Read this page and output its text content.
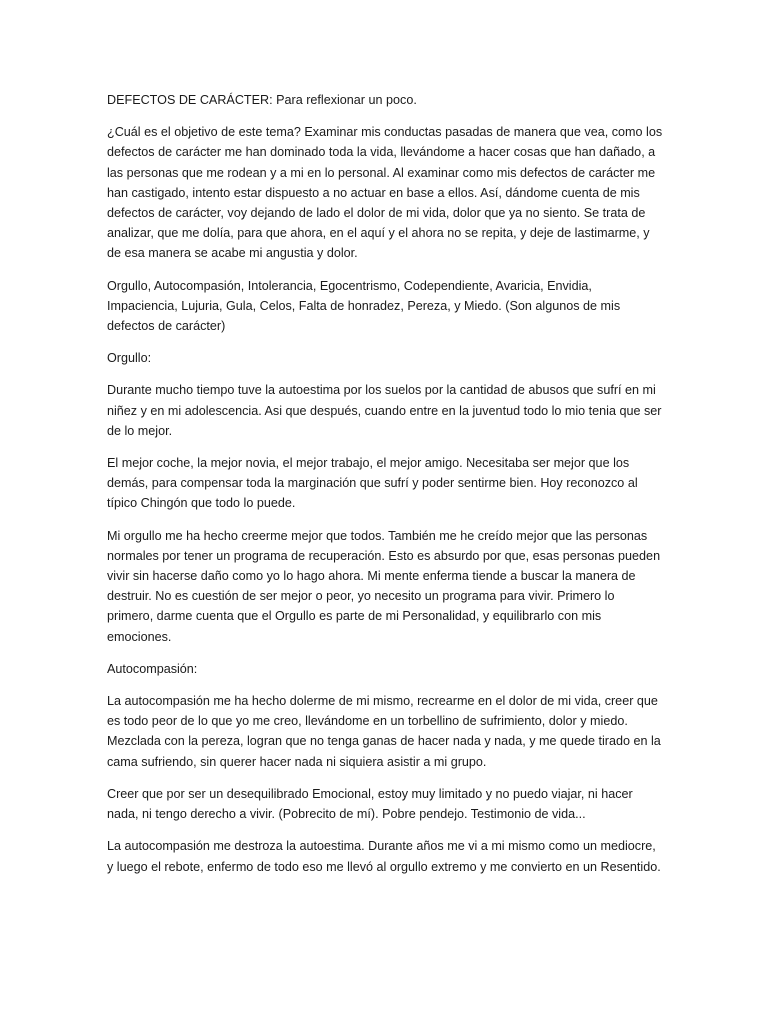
DEFECTOS DE CARÁCTER: Para reflexionar un poco.

¿Cuál es el objetivo de este tema? Examinar mis conductas pasadas de manera que vea, como los defectos de carácter me han dominado toda la vida, llevándome a hacer cosas que han dañado, a las personas que me rodean y a mi en lo personal. Al examinar como mis defectos de carácter me han castigado, intento estar dispuesto a no actuar en base a ellos. Así, dándome cuenta de mis defectos de carácter, voy dejando de lado el dolor de mi vida, dolor que ya no siento. Se trata de analizar, que me dolía, para que ahora, en el aquí y el ahora no se repita, y deje de lastimarme, y de esa manera se acabe mi angustia y dolor.

Orgullo, Autocompasión, Intolerancia, Egocentrismo, Codependiente, Avaricia, Envidia, Impaciencia, Lujuria, Gula, Celos, Falta de honradez, Pereza, y Miedo. (Son algunos de mis defectos de carácter)

Orgullo:

Durante mucho tiempo tuve la autoestima por los suelos por la cantidad de abusos que sufrí en mi niñez y en mi adolescencia. Asi que después, cuando entre en la juventud todo lo mio tenia que ser de lo mejor.

El mejor coche, la mejor novia, el mejor trabajo, el mejor amigo. Necesitaba ser mejor que los demás, para compensar toda la marginación que sufrí y poder sentirme bien. Hoy reconozco al típico Chingón que todo lo puede.

Mi orgullo me ha hecho creerme mejor que todos. También me he creído mejor que las personas normales por tener un programa de recuperación. Esto es absurdo por que, esas personas pueden vivir sin hacerse daño como yo lo hago ahora. Mi mente enferma tiende a buscar la manera de destruir. No es cuestión de ser mejor o peor, yo necesito un programa para vivir. Primero lo primero, darme cuenta que el Orgullo es parte de mi Personalidad, y equilibrarlo con mis emociones.

Autocompasión:

La autocompasión me ha hecho dolerme de mi mismo, recrearme en el dolor de mi vida, creer que es todo peor de lo que yo me creo, llevándome en un torbellino de sufrimiento, dolor y miedo. Mezclada con la pereza, logran que no tenga ganas de hacer nada y nada, y me quede tirado en la cama sufriendo, sin querer hacer nada ni siquiera asistir a mi grupo.

Creer que por ser un desequilibrado Emocional, estoy muy limitado y no puedo viajar, ni hacer nada, ni tengo derecho a vivir. (Pobrecito de mí). Pobre pendejo. Testimonio de vida...

La autocompasión me destroza la autoestima. Durante años me vi a mi mismo como un mediocre, y luego el rebote, enfermo de todo eso me llevó al orgullo extremo y me convierto en un Resentido.
